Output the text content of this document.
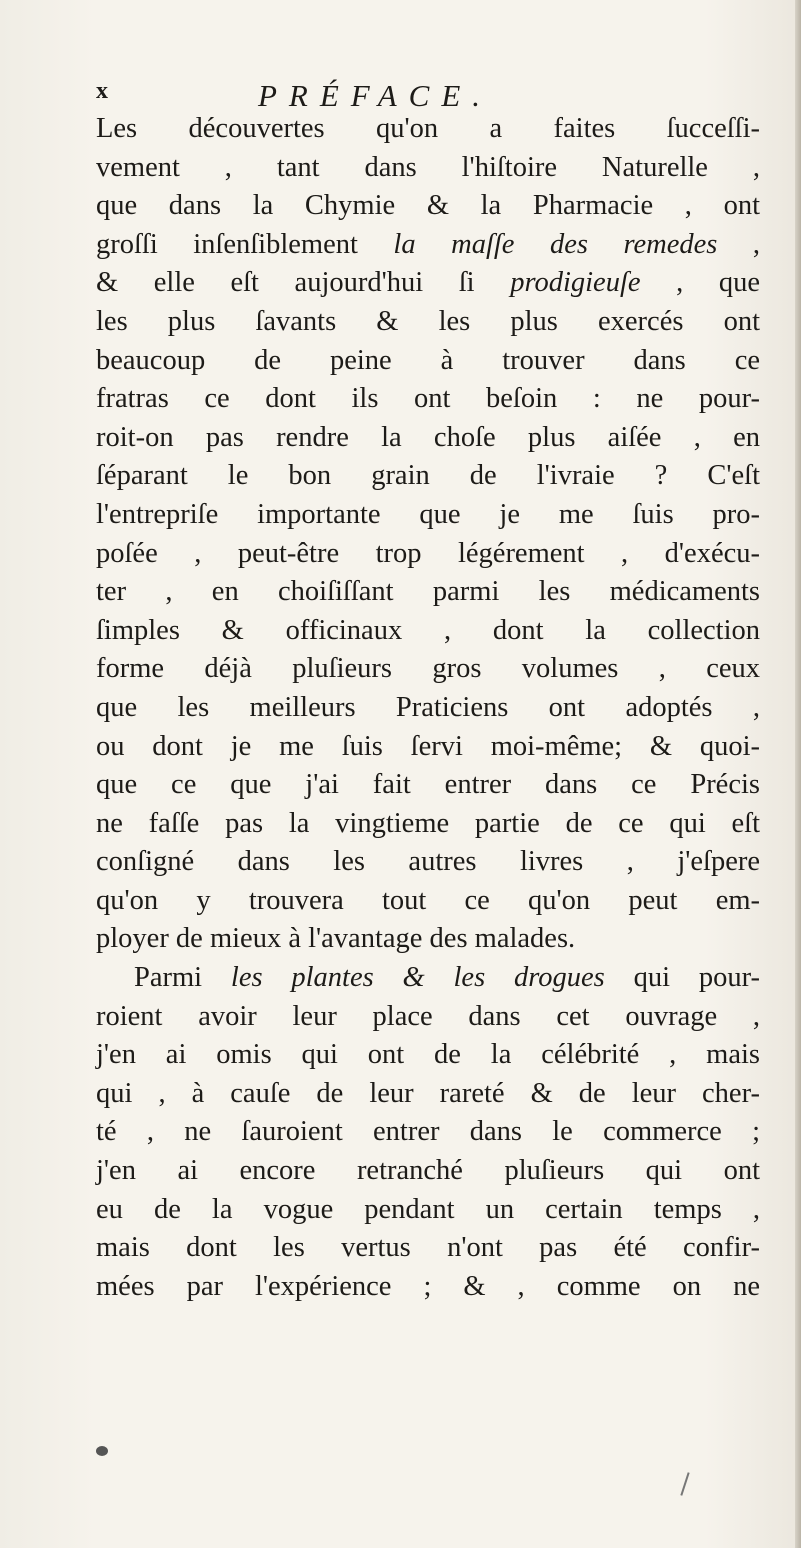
x	PRÉFACE.
Les découvertes qu'on a faites ſucceſſi-
vement , tant dans l'hiſtoire Naturelle ,
que dans la Chymie & la Pharmacie , ont
groſſi inſenſiblement la maſſe des remedes ,
& elle eſt aujourd'hui ſi prodigieuſe , que
les plus ſavants & les plus exercés ont
beaucoup de peine à trouver dans ce
fratras ce dont ils ont beſoin : ne pour-
roit-on pas rendre la choſe plus aiſée , en
ſéparant le bon grain de l'ivraie ? C'eſt
l'entrepriſe importante que je me ſuis pro-
poſée , peut-être trop légérement , d'exécu-
ter , en choiſiſſant parmi les médicaments
ſimples & officinaux , dont la collection
forme déjà pluſieurs gros volumes , ceux
que les meilleurs Praticiens ont adoptés ,
ou dont je me ſuis ſervi moi-même; & quoi-
que ce que j'ai fait entrer dans ce Précis
ne faſſe pas la vingtieme partie de ce qui eſt
conſigné dans les autres livres , j'eſpere
qu'on y trouvera tout ce qu'on peut em-
ployer de mieux à l'avantage des malades.
Parmi les plantes & les drogues qui pour-
roient avoir leur place dans cet ouvrage ,
j'en ai omis qui ont de la célébrité , mais
qui , à cauſe de leur rareté & de leur cher-
té , ne ſauroient entrer dans le commerce ;
j'en ai encore retranché pluſieurs qui ont
eu de la vogue pendant un certain temps ,
mais dont les vertus n'ont pas été confir-
mées par l'expérience ; & , comme on ne
